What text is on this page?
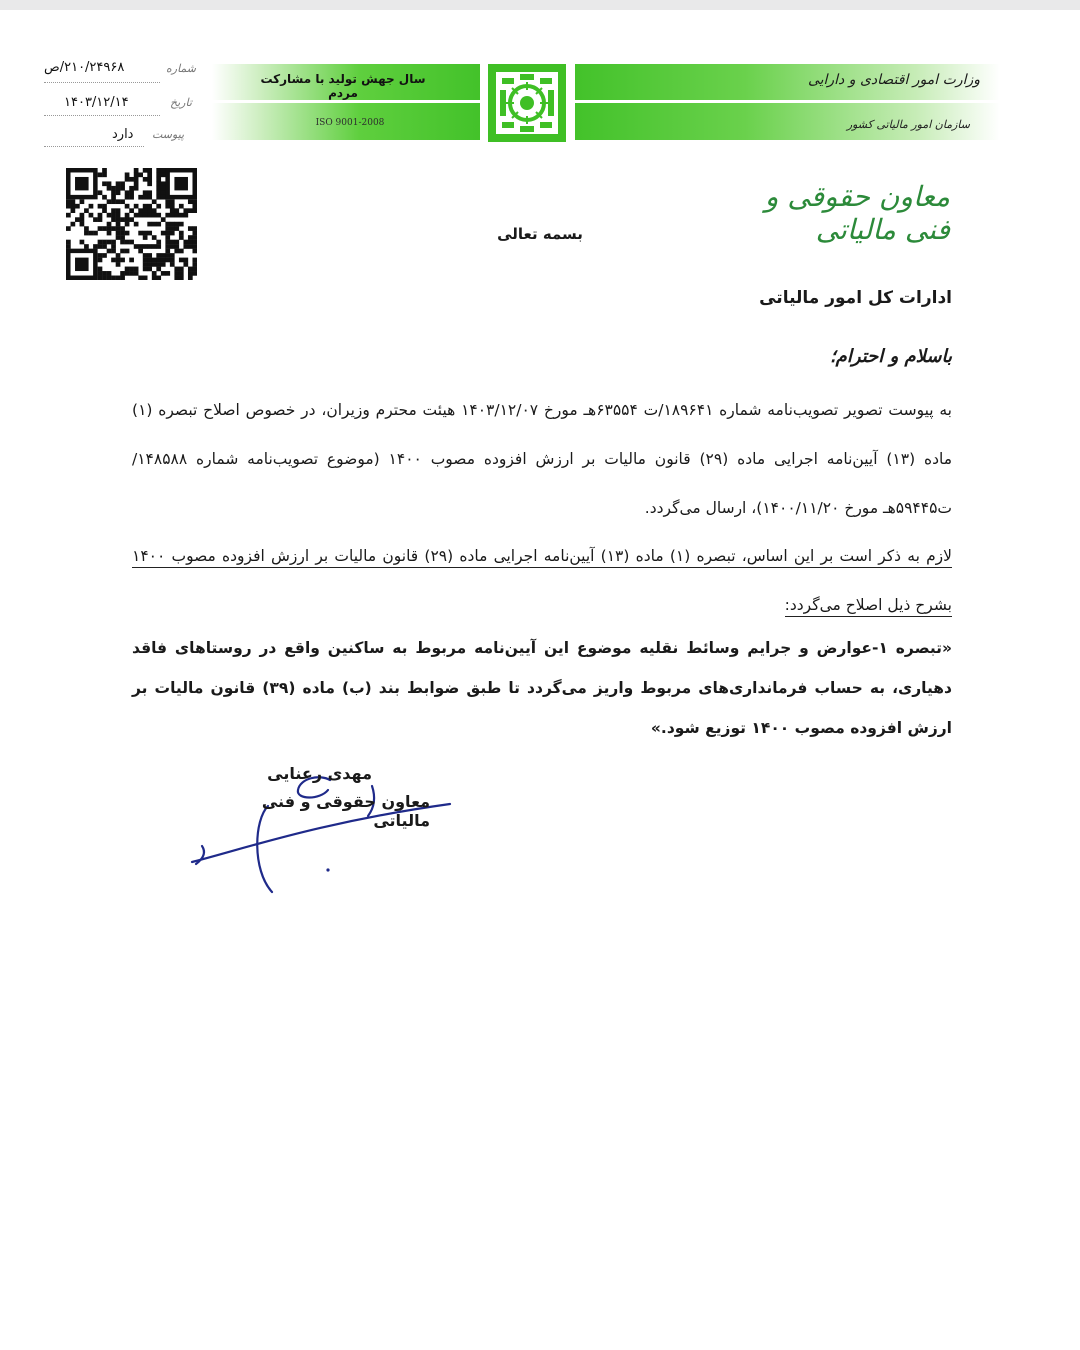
سال جهش تولید با مشارکت مردم
ISO 9001-2008
وزارت امور اقتصادی و دارایی
سازمان امور مالیاتی کشور
شماره
۲۱۰/۲۴۹۶۸/ص
تاریخ
۱۴۰۳/۱۲/۱۴
پیوست
دارد
معاون حقوقی و فنی مالیاتی
بسمه تعالی
ادارات کل امور مالیاتی
باسلام و احترام؛
به پیوست تصویر تصویب‌نامه شماره ۱۸۹۶۴۱/ت ۶۳۵۵۴هـ مورخ ۱۴۰۳/۱۲/۰۷ هیئت محترم وزیران، در خصوص اصلاح تبصره (۱) ماده (۱۳) آیین‌نامه اجرایی ماده (۲۹) قانون مالیات بر ارزش افزوده مصوب ۱۴۰۰ (موضوع تصویب‌نامه شماره ۱۴۸۵۸۸/ت۵۹۴۴۵هـ مورخ ۱۴۰۰/۱۱/۲۰)، ارسال می‌گردد.
لازم به ذکر است بر این اساس، تبصره (۱) ماده (۱۳) آیین‌نامه اجرایی ماده (۲۹) قانون مالیات بر ارزش افزوده مصوب ۱۴۰۰ بشرح ذیل اصلاح می‌گردد:
«تبصره ۱-عوارض و جرایم وسائط نقلیه موضوع این آیین‌نامه مربوط به ساکنین واقع در روستاهای فاقد دهیاری، به حساب فرمانداری‌های مربوط واریز می‌گردد تا طبق ضوابط بند (ب) ماده (۳۹) قانون مالیات بر ارزش افزوده مصوب ۱۴۰۰ توزیع شود.»
مهدی رعنایی
معاون حقوقی و فنی مالیاتی
